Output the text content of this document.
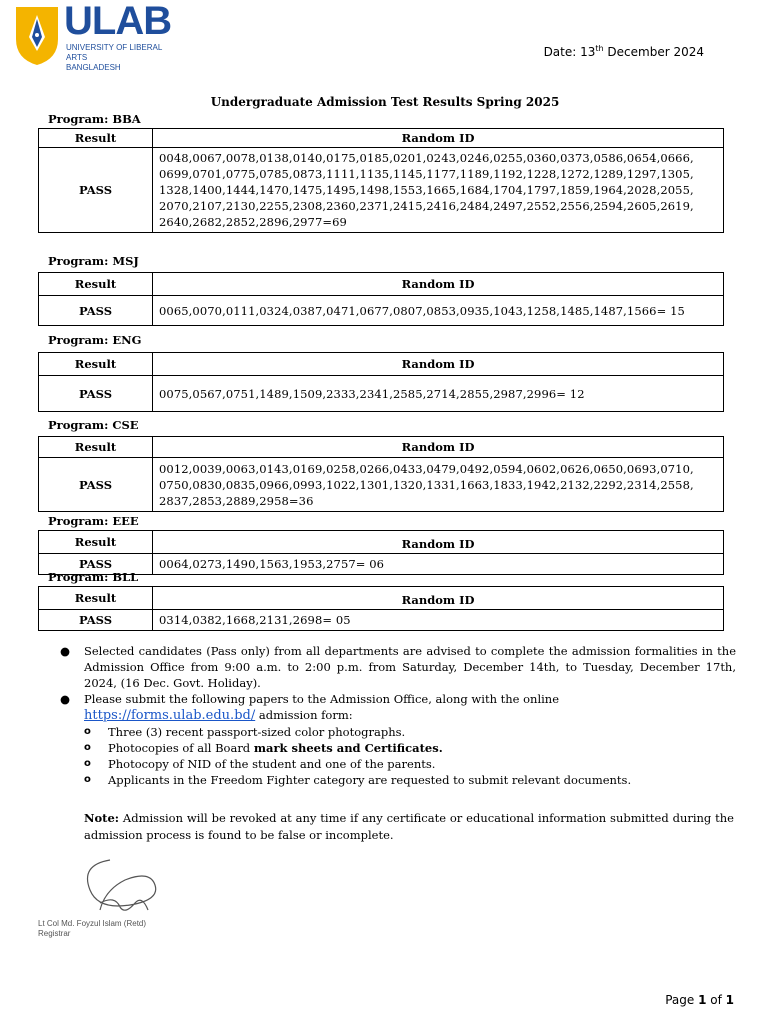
ULAB
UNIVERSITY OF LIBERAL ARTS
BANGLADESH
Date: 13th December 2024
Undergraduate Admission Test Results Spring 2025
Program: BBA
Result	Random ID
PASS	0048,0067,0078,0138,0140,0175,0185,0201,0243,0246,0255,0360,0373,0586,0654,0666,
0699,0701,0775,0785,0873,1111,1135,1145,1177,1189,1192,1228,1272,1289,1297,1305,
1328,1400,1444,1470,1475,1495,1498,1553,1665,1684,1704,1797,1859,1964,2028,2055,
2070,2107,2130,2255,2308,2360,2371,2415,2416,2484,2497,2552,2556,2594,2605,2619,
2640,2682,2852,2896,2977=69
Program: MSJ
Result	Random ID
PASS	0065,0070,0111,0324,0387,0471,0677,0807,0853,0935,1043,1258,1485,1487,1566= 15
Program: ENG
Result	Random ID
PASS	0075,0567,0751,1489,1509,2333,2341,2585,2714,2855,2987,2996= 12
Program: CSE
Result	Random ID
PASS	0012,0039,0063,0143,0169,0258,0266,0433,0479,0492,0594,0602,0626,0650,0693,0710,
0750,0830,0835,0966,0993,1022,1301,1320,1331,1663,1833,1942,2132,2292,2314,2558,
2837,2853,2889,2958=36
Program: EEE
Result	Random ID
PASS	0064,0273,1490,1563,1953,2757= 06
Program: BLL
Result	Random ID
PASS	0314,0382,1668,2131,2698= 05
● Selected candidates (Pass only) from all departments are advised to complete the admission formalities in the Admission Office from 9:00 a.m. to 2:00 p.m. from Saturday, December 14th, to Tuesday, December 17th, 2024, (16 Dec. Govt. Holiday).
● Please submit the following papers to the Admission Office, along with the online
https://forms.ulab.edu.bd/ admission form:
o Three (3) recent passport-sized color photographs.
o Photocopies of all Board mark sheets and Certificates.
o Photocopy of NID of the student and one of the parents.
o Applicants in the Freedom Fighter category are requested to submit relevant documents.
Note: Admission will be revoked at any time if any certificate or educational information submitted during the admission process is found to be false or incomplete.
Lt Col Md. Foyzul Islam (Retd)
Registrar
Page 1 of 1
